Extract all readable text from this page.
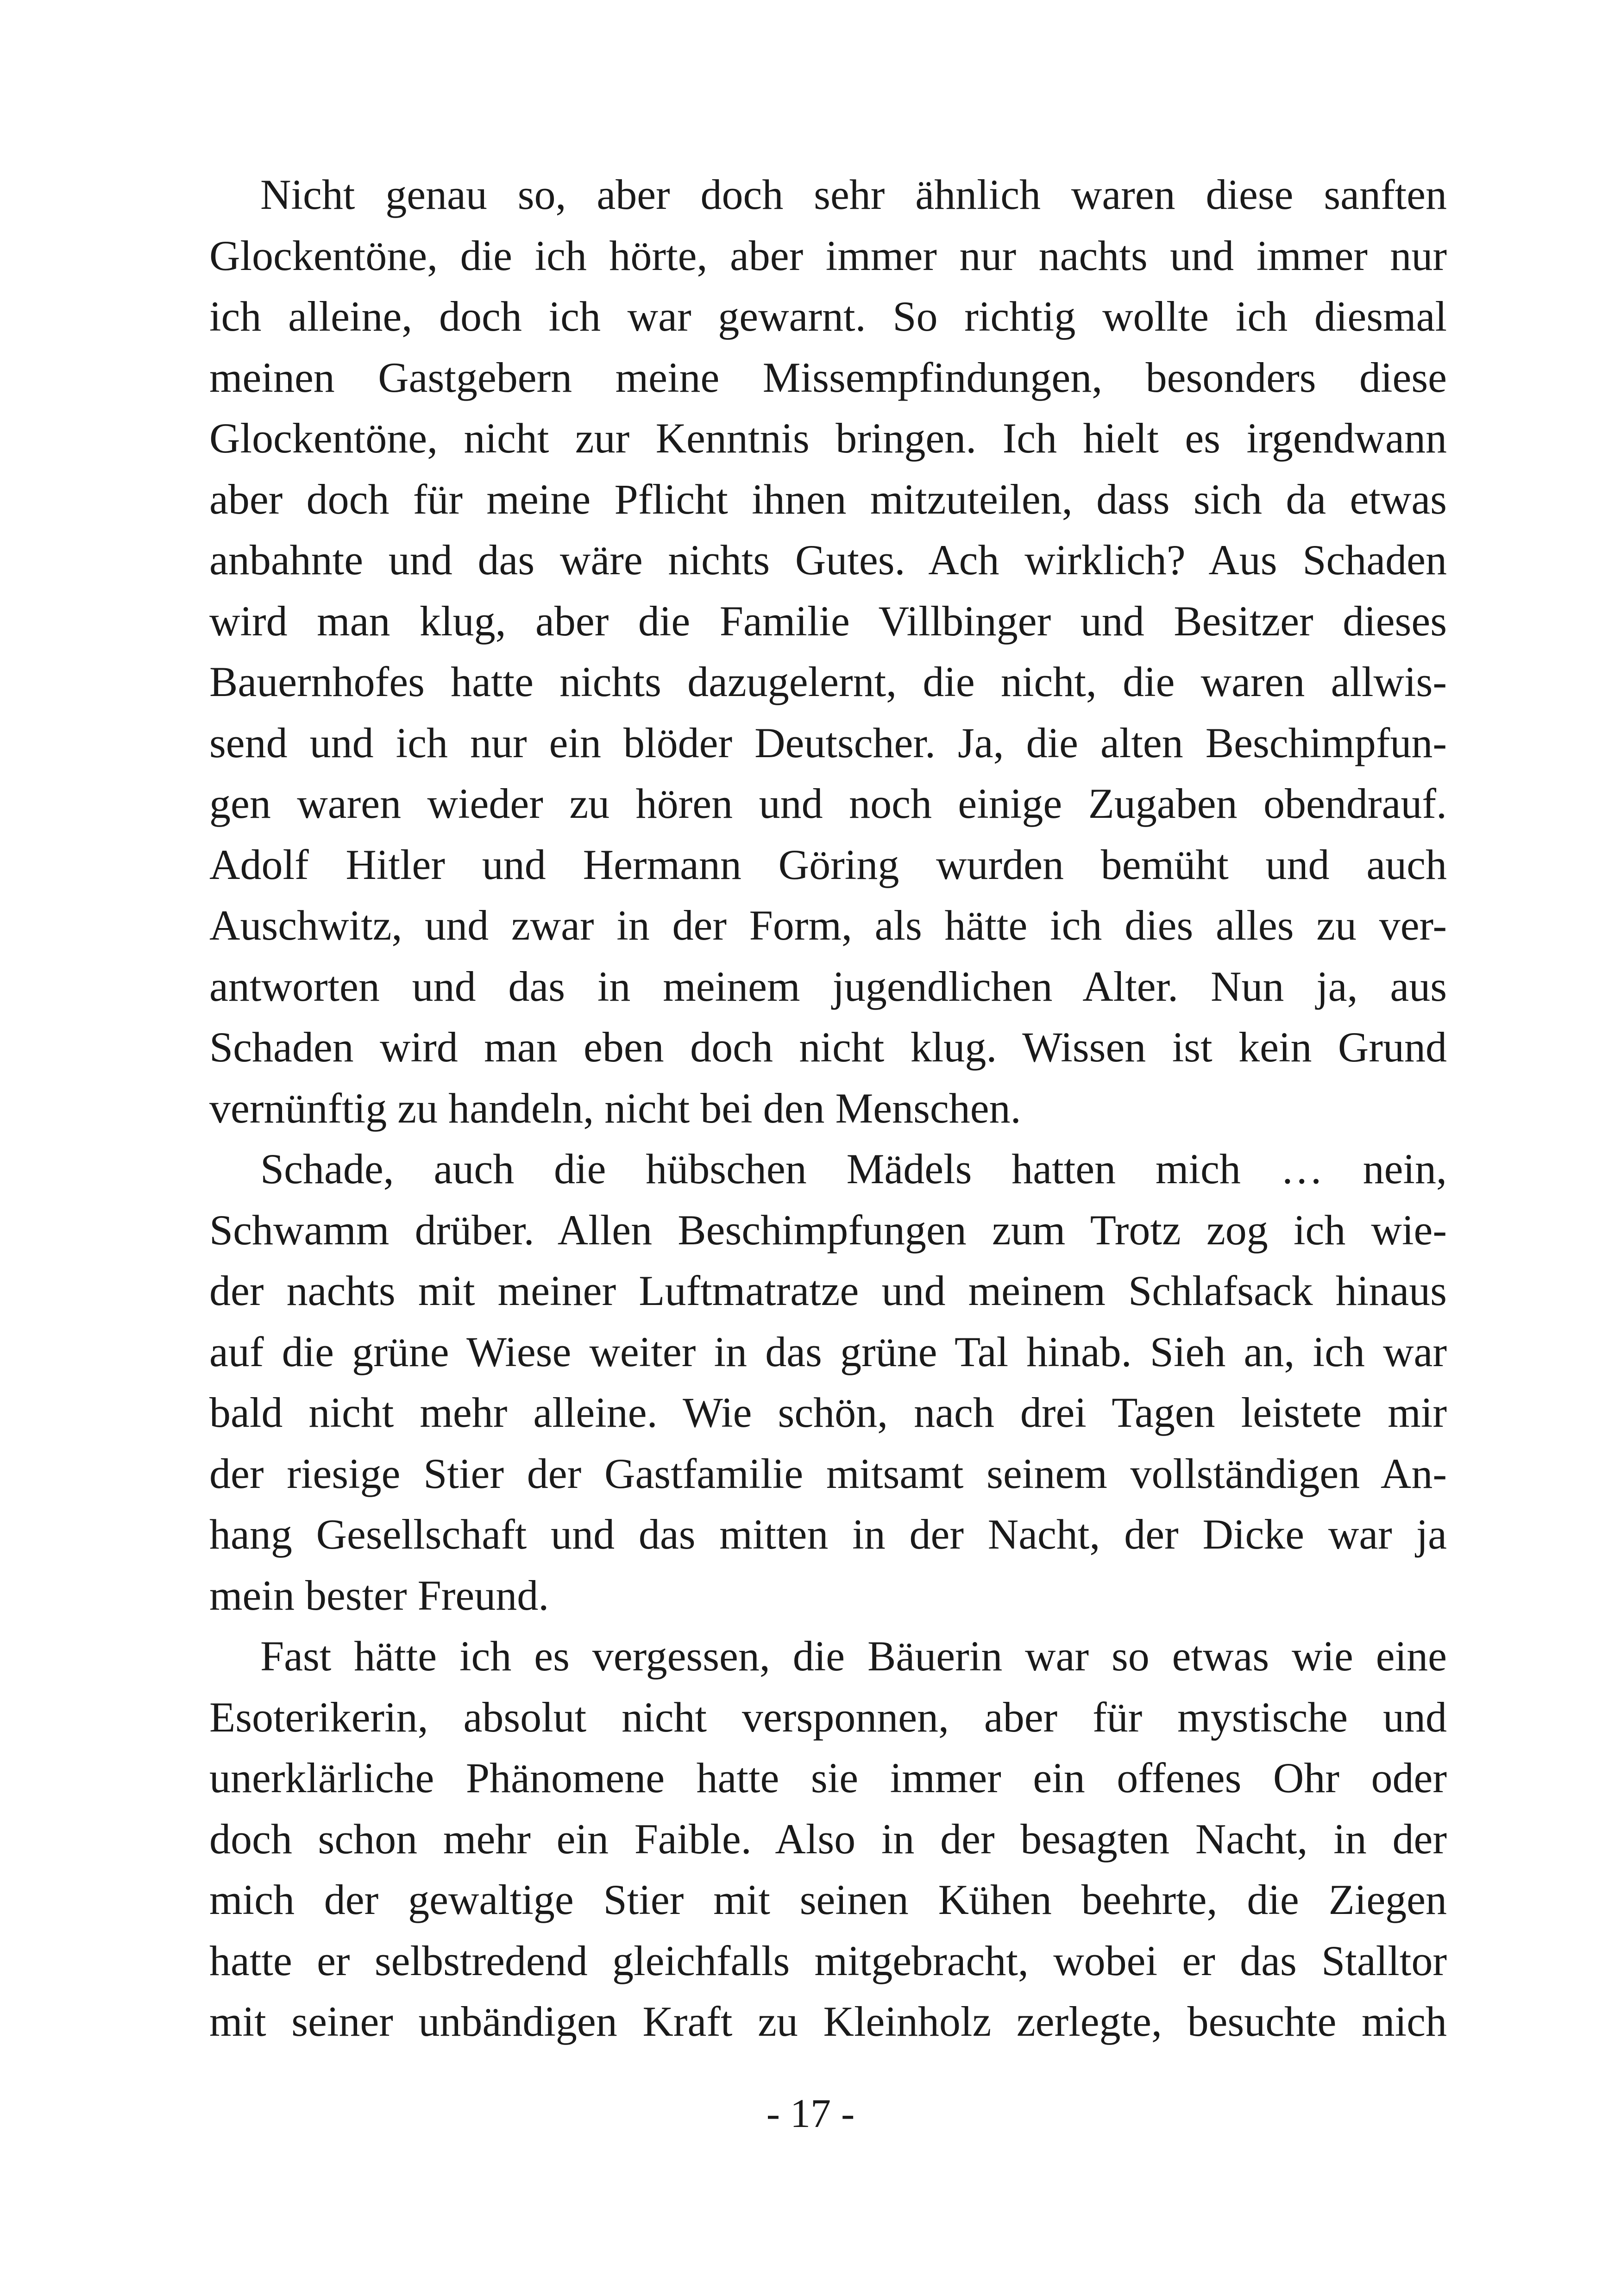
Nicht genau so, aber doch sehr ähnlich waren diese sanften
Glockentöne, die ich hörte, aber immer nur nachts und immer nur
ich alleine, doch ich war gewarnt. So richtig wollte ich diesmal
meinen Gastgebern meine Missempfindungen, besonders diese
Glockentöne, nicht zur Kenntnis bringen. Ich hielt es irgendwann
aber doch für meine Pflicht ihnen mitzuteilen, dass sich da etwas
anbahnte und das wäre nichts Gutes. Ach wirklich? Aus Schaden
wird man klug, aber die Familie Villbinger und Besitzer dieses
Bauernhofes hatte nichts dazugelernt, die nicht, die waren allwis-
send und ich nur ein blöder Deutscher. Ja, die alten Beschimpfun-
gen waren wieder zu hören und noch einige Zugaben obendrauf.
Adolf Hitler und Hermann Göring wurden bemüht und auch
Auschwitz, und zwar in der Form, als hätte ich dies alles zu ver-
antworten und das in meinem jugendlichen Alter. Nun ja, aus
Schaden wird man eben doch nicht klug. Wissen ist kein Grund
vernünftig zu handeln, nicht bei den Menschen.
Schade, auch die hübschen Mädels hatten mich … nein,
Schwamm drüber. Allen Beschimpfungen zum Trotz zog ich wie-
der nachts mit meiner Luftmatratze und meinem Schlafsack hinaus
auf die grüne Wiese weiter in das grüne Tal hinab. Sieh an, ich war
bald nicht mehr alleine. Wie schön, nach drei Tagen leistete mir
der riesige Stier der Gastfamilie mitsamt seinem vollständigen An-
hang Gesellschaft und das mitten in der Nacht, der Dicke war ja
mein bester Freund.
Fast hätte ich es vergessen, die Bäuerin war so etwas wie eine
Esoterikerin, absolut nicht versponnen, aber für mystische und
unerklärliche Phänomene hatte sie immer ein offenes Ohr oder
doch schon mehr ein Faible. Also in der besagten Nacht, in der
mich der gewaltige Stier mit seinen Kühen beehrte, die Ziegen
hatte er selbstredend gleichfalls mitgebracht, wobei er das Stalltor
mit seiner unbändigen Kraft zu Kleinholz zerlegte, besuchte mich
- 17 -
